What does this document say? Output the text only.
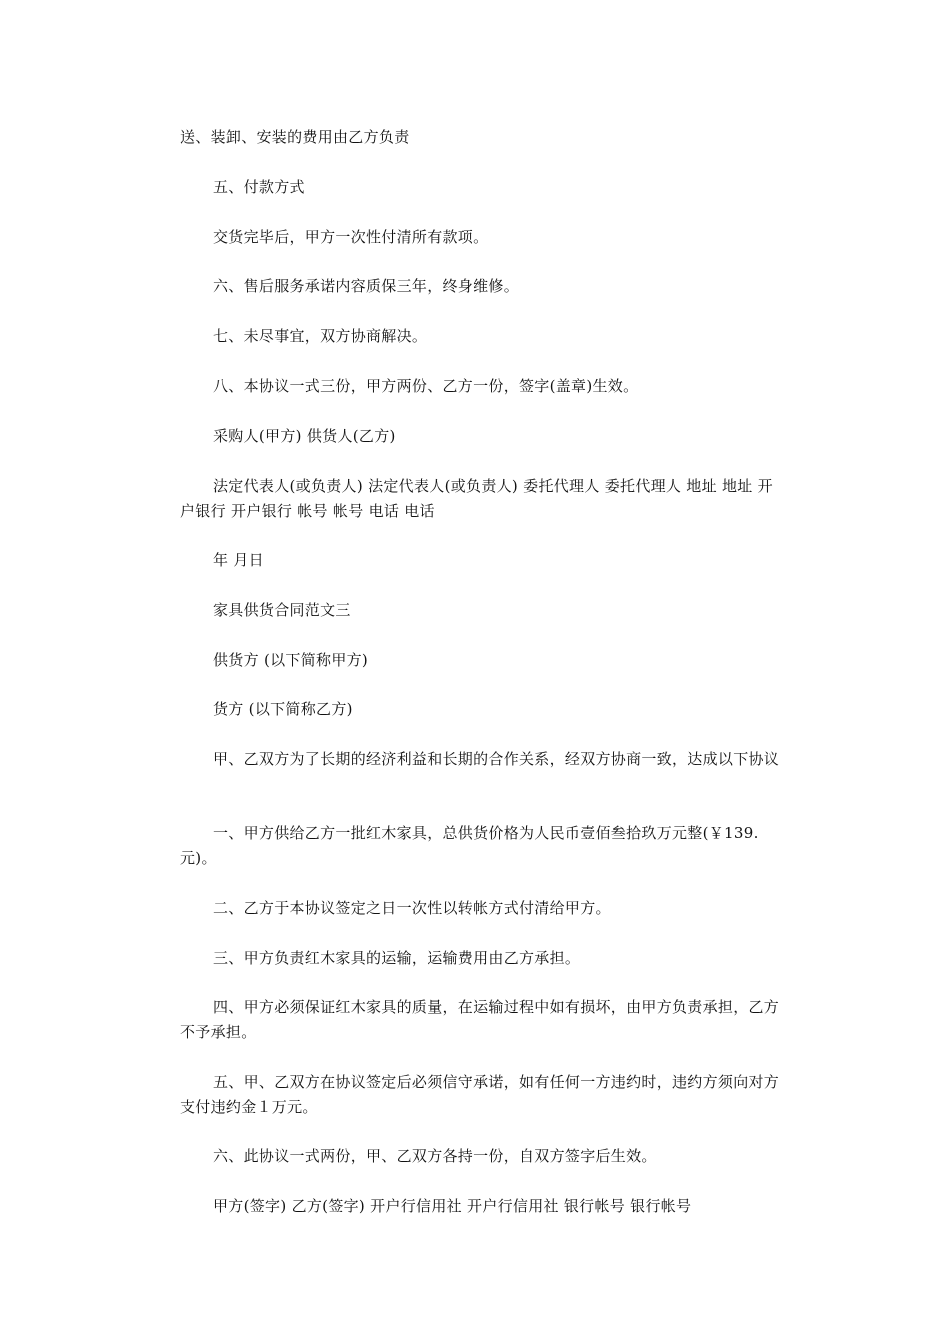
送、装卸、安装的费用由乙方负责

五、付款方式

交货完毕后，甲方一次性付清所有款项。

六、售后服务承诺内容质保三年，终身维修。

七、未尽事宜，双方协商解决。

八、本协议一式三份，甲方两份、乙方一份，签字(盖章)生效。

采购人(甲方) 供货人(乙方)

法定代表人(或负责人) 法定代表人(或负责人) 委托代理人 委托代理人 地址 地址 开户银行 开户银行 帐号 帐号 电话 电话

年 月日

家具供货合同范文三

供货方 (以下简称甲方)

货方 (以下简称乙方)

甲、乙双方为了长期的经济利益和长期的合作关系，经双方协商一致，达成以下协议

一、甲方供给乙方一批红木家具，总供货价格为人民币壹佰叁拾玖万元整(￥139.元)。

二、乙方于本协议签定之日一次性以转帐方式付清给甲方。

三、甲方负责红木家具的运输，运输费用由乙方承担。

四、甲方必须保证红木家具的质量，在运输过程中如有损坏，由甲方负责承担，乙方不予承担。

五、甲、乙双方在协议签定后必须信守承诺，如有任何一方违约时，违约方须向对方支付违约金１万元。

六、此协议一式两份，甲、乙双方各持一份，自双方签字后生效。

甲方(签字) 乙方(签字) 开户行信用社 开户行信用社 银行帐号 银行帐号
